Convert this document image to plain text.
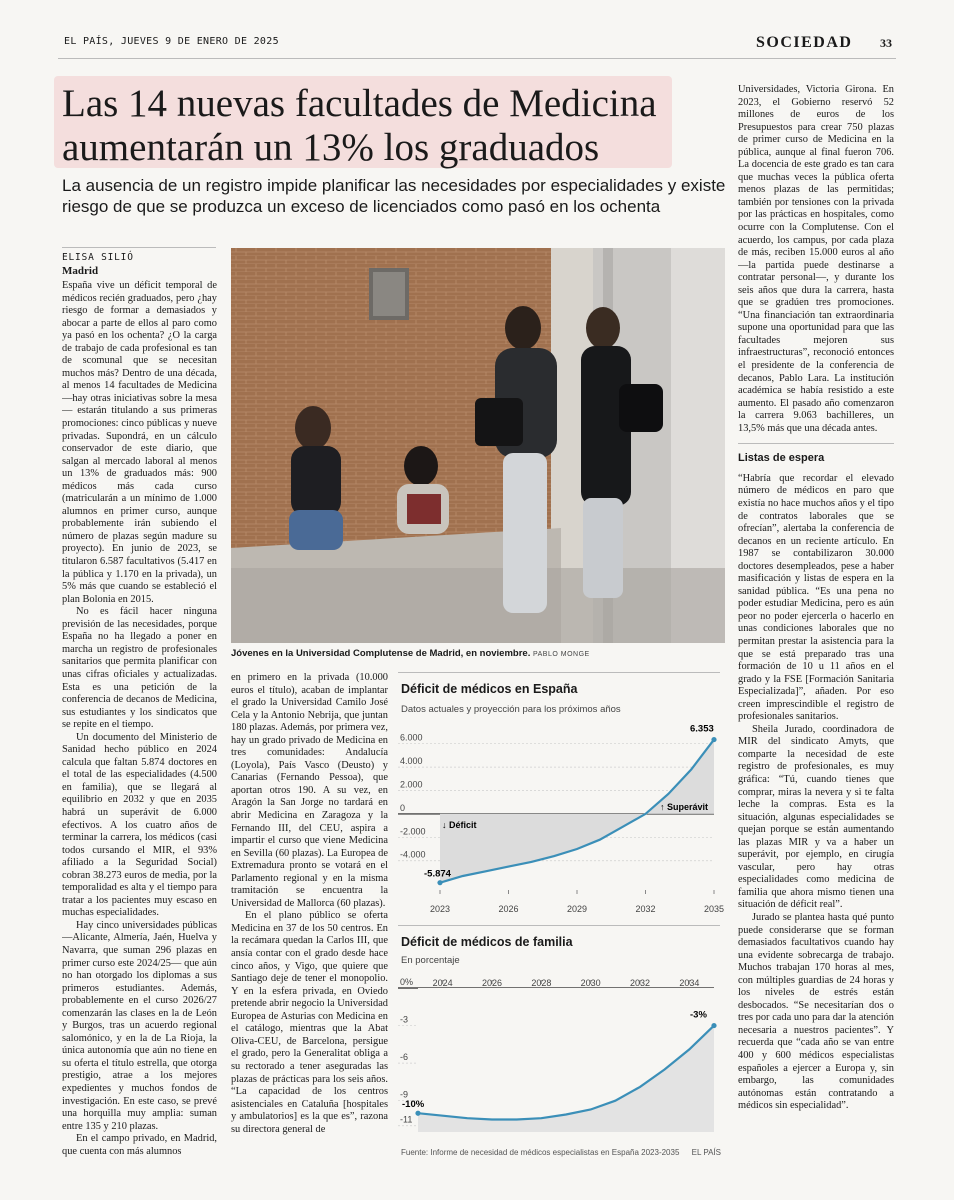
EL PAÍS, JUEVES 9 DE ENERO DE 2025	SOCIEDAD 33
Las 14 nuevas facultades de Medicina
aumentarán un 13% los graduados

La ausencia de un registro impide planificar las necesidades por especialidades y existe riesgo de que se produzca un exceso de licenciados como pasó en los ochenta

ELISA SILIÓ
Madrid

España vive un déficit temporal de médicos recién graduados, pero ¿hay riesgo de formar a demasiados y abocar a parte de ellos al paro como ya pasó en los ochenta? ¿O la carga de trabajo de cada profesional es tan de scomunal que se necesitan muchos más? Dentro de una década, al menos 14 facultades de Medicina —hay otras iniciativas sobre la mesa— estarán titulando a sus primeras promociones: cinco públicas y nueve privadas. Supondrá, en un cálculo conservador de este diario, que salgan al mercado laboral al menos un 13% de graduados más: 900 médicos más cada curso (matricularán a un mínimo de 1.000 alumnos en primer curso, aunque probablemente irán subiendo el número de plazas según madure su proyecto). En junio de 2023, se titularon 6.587 facultativos (5.417 en la pública y 1.170 en la privada), un 5% más que cuando se estableció el plan Bolonia en 2015.

No es fácil hacer ninguna previsión de las necesidades, porque España no ha llegado a poner en marcha un registro de profesionales sanitarios que permita planificar con unas cifras oficiales y actualizadas. Esta es una petición de la conferencia de decanos de Medicina, sus estudiantes y los sindicatos que se repite en el tiempo.

Un documento del Ministerio de Sanidad hecho público en 2024 calcula que faltan 5.874 doctores en el total de las especialidades (4.500 en familia), que se llegará al equilibrio en 2032 y que en 2035 habrá un superávit de 6.000 efectivos. A los cuatro años de terminar la carrera, los médicos (casi todos cursando el MIR, el 93% afiliado a la Seguridad Social) cobran 38.273 euros de media, por la temporalidad es alta y el tiempo para tratar a los pacientes muy escaso en muchas especialidades.

Hay cinco universidades públicas —Alicante, Almería, Jaén, Huelva y Navarra, que suman 296 plazas en primer curso este 2024/25— que aún no han otorgado los diplomas a sus primeros estudiantes. Además, probablemente en el curso 2026/27 comenzarán las clases en la de León y Burgos, tras un acuerdo regional salomónico, y en la de La Rioja, la única autonomía que aún no tiene en su oferta el título estrella, que otorga prestigio, atrae a los mejores expedientes y muchos fondos de investigación. En este caso, se prevé una horquilla muy amplia: suman entre 135 y 210 plazas.

En el campo privado, en Madrid, que cuenta con más alumnos

Jóvenes en la Universidad Complutense de Madrid, en noviembre. PABLO MONGE

en primero en la privada (10.000 euros el título), acaban de implantar el grado la Universidad Camilo José Cela y la Antonio Nebrija, que juntan 180 plazas. Además, por primera vez, hay un grado privado de Medicina en tres comunidades: Andalucía (Loyola), País Vasco (Deusto) y Canarias (Fernando Pessoa), que aportan otros 190. A su vez, en Aragón la San Jorge no tardará en abrir Medicina en Zaragoza y la Fernando III, del CEU, aspira a impartir el curso que viene Medicina en Sevilla (60 plazas). La Europea de Extremadura pronto se votará en el Parlamento regional y en la misma tramitación se encuentra la Universidad de Mallorca (60 plazas).

En el plano público se oferta Medicina en 37 de los 50 centros. En la recámara quedan la Carlos III, que ansía contar con el grado desde hace cinco años, y Vigo, que quiere que Santiago deje de tener el monopolio. Y en la esfera privada, en Oviedo pretende abrir negocio la Universidad Europea de Asturias con Medicina en el catálogo, mientras que la Abat Oliva-CEU, de Barcelona, persigue el grado, pero la Generalitat obliga a su rectorado a tener aseguradas las plazas de prácticas para los seis años. “La capacidad de los centros asistenciales en Cataluña [hospitales y ambulatorios] es la que es”, razona su directora general de

Déficit de médicos en España
Datos actuales y proyección para los próximos años
6.000
4.000
2.000
0
-2.000
-4.000
-5.874
6.353
2023	2026	2029	2032	2035
↓ Déficit
↑ Superávit
Déficit de médicos de familia
En porcentaje
0%
-3
-6
-9
-11
-10%
-3%
2024	2026	2028	2030	2032	2034
Fuente: Informe de necesidad de médicos especialistas en España 2023-2035 EL PAÍS

Universidades, Victoria Girona. En 2023, el Gobierno reservó 52 millones de euros de los Presupuestos para crear 750 plazas de primer curso de Medicina en la pública, aunque al final fueron 706. La docencia de este grado es tan cara que muchas veces la pública oferta menos plazas de las permitidas; también por tensiones con la privada por las prácticas en hospitales, como ocurre con la Complutense. Con el acuerdo, los campus, por cada plaza de más, reciben 15.000 euros al año —la partida puede destinarse a contratar personal—, y durante los seis años que dura la carrera, hasta que se gradúen tres promociones. “Una financiación tan extraordinaria supone una oportunidad para que las facultades mejoren sus infraestructuras”, reconoció entonces el presidente de la conferencia de decanos, Pablo Lara. La institución académica se había resistido a este aumento. El pasado año comenzaron la carrera 9.063 bachilleres, un 13,5% más que una década antes.

Listas de espera

“Habría que recordar el elevado número de médicos en paro que existía no hace muchos años y el tipo de contratos laborales que se ofrecían”, alertaba la conferencia de decanos en un reciente artículo. En 1987 se contabilizaron 30.000 doctores desempleados, pese a haber masificación y listas de espera en la sanidad pública. “Es una pena no poder estudiar Medicina, pero es aún peor no poder ejercerla o hacerlo en unas condiciones laborales que no permitan prestar la asistencia para la que se está preparado tras una formación de 10 u 11 años en el grado y la FSE [Formación Sanitaria Especializada]”, añaden. Por eso creen imprescindible el registro de profesionales sanitarios.

Sheila Jurado, coordinadora de MIR del sindicato Amyts, que comparte la necesidad de este registro de profesionales, es muy gráfica: “Tú, cuando tienes que comprar, miras la nevera y si te falta leche la compras. Esta es la situación, algunas especialidades se quejan porque se están aumentando las plazas MIR y va a haber un superávit, por ejemplo, en cirugía vascular, pero hay otras especialidades como medicina de familia que ahora mismo tienen una situación de déficit real”.

Jurado se plantea hasta qué punto puede considerarse que se forman demasiados facultativos cuando hay una evidente sobrecarga de trabajo. Muchos trabajan 170 horas al mes, con múltiples guardias de 24 horas y los niveles de estrés están desbocados. “Se necesitarían dos o tres por cada uno para dar la atención necesaria a nuestros pacientes”. Y recuerda que “cada año se van entre 400 y 600 médicos especialistas españoles a ejercer a Europa y, sin embargo, las comunidades autónomas están contratando a médicos sin especialidad”.
